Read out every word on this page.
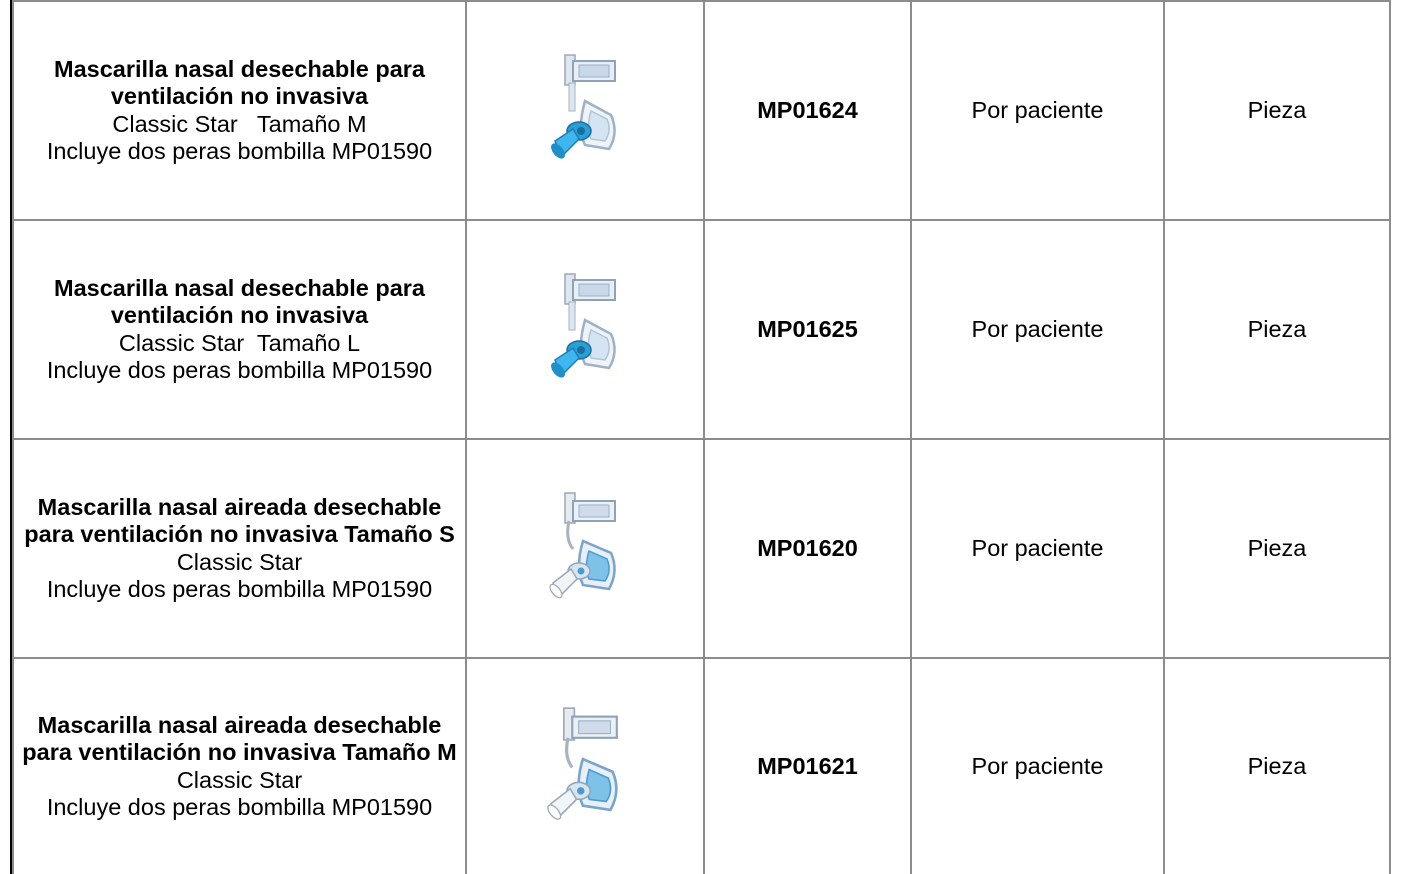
Mascarilla nasal desechable para ventilación no invasiva
Classic Star   Tamaño M
Incluye dos peras bombilla MP01590		MP01624	Por paciente	Pieza

Mascarilla nasal desechable para ventilación no invasiva
Classic Star  Tamaño L
Incluye dos peras bombilla MP01590		MP01625	Por paciente	Pieza

Mascarilla nasal aireada desechable para ventilación no invasiva Tamaño S
Classic Star
Incluye dos peras bombilla MP01590		MP01620	Por paciente	Pieza

Mascarilla nasal aireada desechable para ventilación no invasiva Tamaño M
Classic Star
Incluye dos peras bombilla MP01590		MP01621	Por paciente	Pieza
